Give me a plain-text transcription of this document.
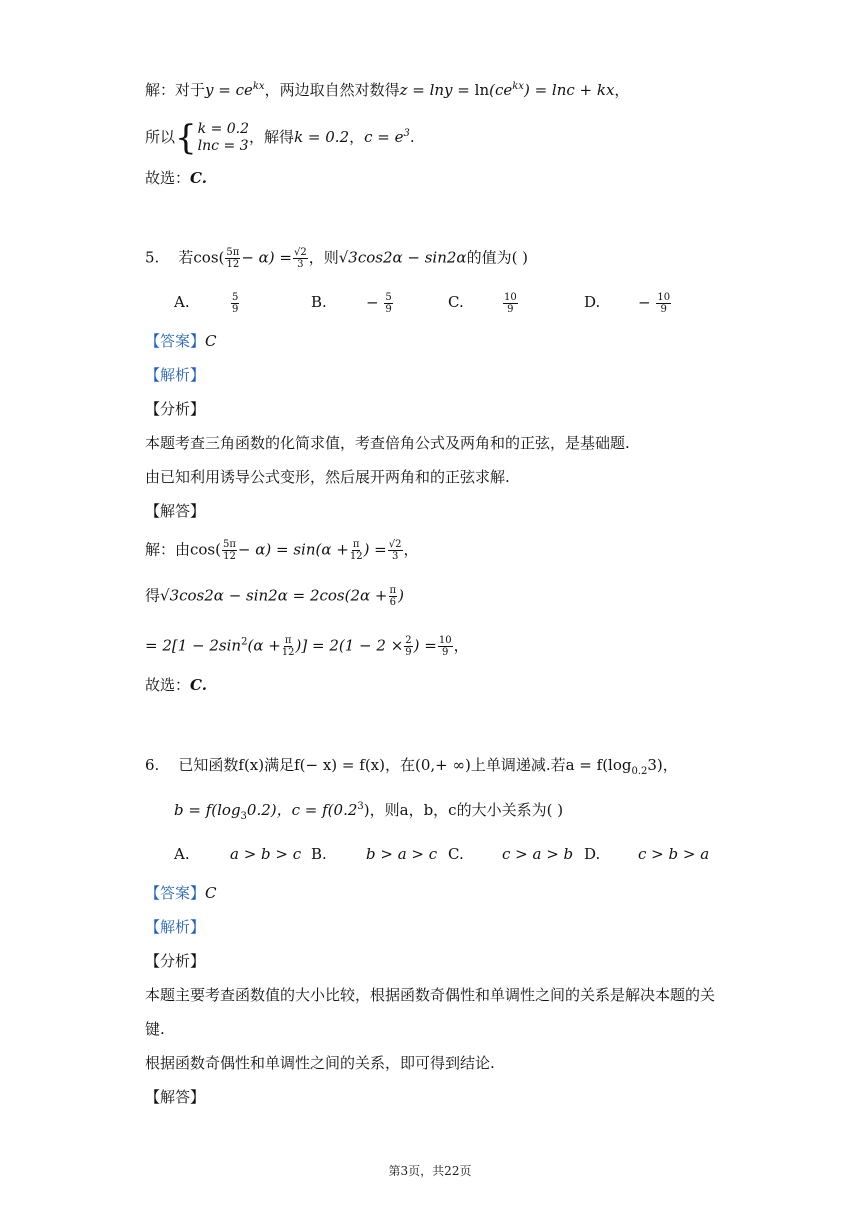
解：对于$y = ce^{kx}$，两边取自然对数得$z = \ln y = \ln(ce^{kx}) = \ln c$ + kx，
所以 { k = 0.2
lnc = 3 ，解得k = 0.2，$c = e^3$.
故选：C.
5. 若$\cos( \frac{5\pi}{12} - \alpha) = \frac{√2}{3}$ ，则√3cos2α − sin2α的值为( )
A.	$\frac{5}{9}$	B.	− $\frac{5}{9}$	C.	$\frac{10}{9}$	D.	− $\frac{10}{9}$
【答案】C
【解析】
【分析】
本题考查三角函数的化简求值，考查倍角公式及两角和的正弦，是基础题.
由已知利用诱导公式变形，然后展开两角和的正弦求解.
【解答】
解：由$\cos( \frac{5\pi}{12} - \alpha) = \sin(\alpha + \frac{\pi}{12}$ ) = $\frac{√2}{3}$ ，
得$√3\cos 2\alpha - \sin 2\alpha = 2\cos(2\alpha + \frac{\pi}{6}$ )
= $2[1 - 2\sin^2(\alpha + \frac{\pi}{12}$ )] = $2(1 - 2 \times \frac{2}{9}$ ) = $\frac{10}{9}$ ，
故选：C.
6. 已知函数f(x)满足f(− x) = f(x)，在(0,+ ∞)上单调递减.若$a = f(\log_{0.2}3)$，
$b = f(\log_30.2)$，$c = f(0.2^3)$，则a，b，c的大小关系为( )
A.	a > b > c B.	b > a > c C.	c > a > b D.	c > b > a
【答案】C
【解析】
【分析】
本题主要考查函数值的大小比较，根据函数奇偶性和单调性之间的关系是解决本题的关
键.
根据函数奇偶性和单调性之间的关系，即可得到结论.
【解答】
第3页，共22页
